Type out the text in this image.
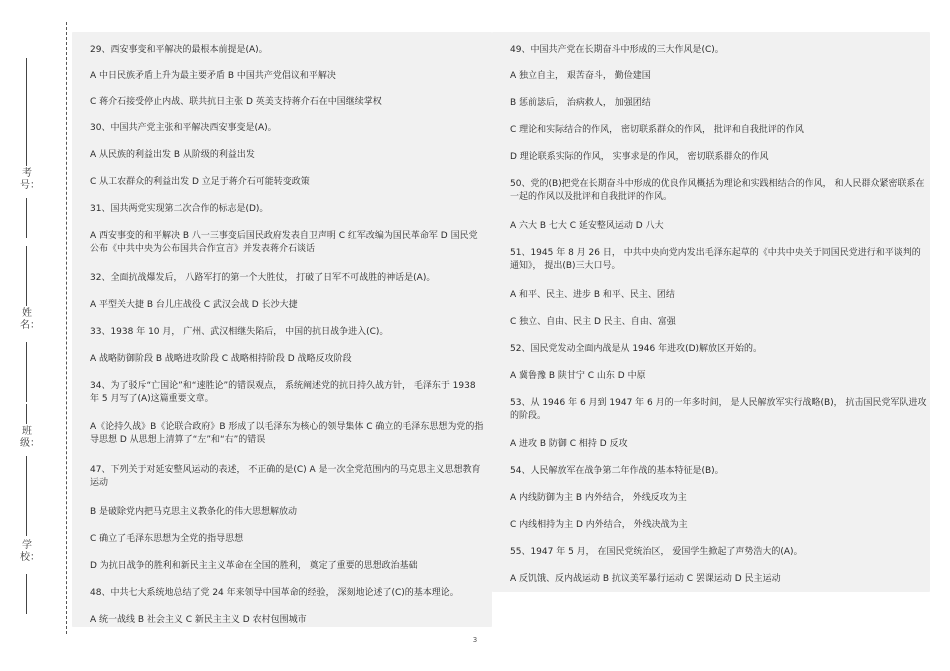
考号：
姓名：
班级：
学校：
29、西安事变和平解决的最根本前提是(A)。
A 中日民族矛盾上升为最主要矛盾 B 中国共产党倡议和平解决
C 蒋介石接受停止内战、联共抗日主张 D 英美支持蒋介石在中国继续掌权
30、中国共产党主张和平解决西安事变是(A)。
A 从民族的利益出发 B 从阶级的利益出发
C 从工农群众的利益出发 D 立足于蒋介石可能转变政策
31、国共两党实现第二次合作的标志是(D)。
A 西安事变的和平解决 B 八一三事变后国民政府发表自卫声明 C 红军改编为国民革命军 D 国民党公布《中共中央为公布国共合作宣言》并发表蒋介石谈话
32、全面抗战爆发后， 八路军打的第一个大胜仗， 打破了日军不可战胜的神话是(A)。
A 平型关大捷 B 台儿庄战役 C 武汉会战 D 长沙大捷
33、1938 年 10 月， 广州、武汉相继失陷后， 中国的抗日战争进入(C)。
A 战略防御阶段 B 战略进攻阶段 C 战略相持阶段 D 战略反攻阶段
34、为了驳斥“亡国论”和“速胜论”的错误观点， 系统阐述党的抗日持久战方针， 毛泽东于 1938 年 5 月写了(A)这篇重要文章。
A《论持久战》B《论联合政府》B 形成了以毛泽东为核心的领导集体 C 确立的毛泽东思想为党的指导思想 D 从思想上清算了“左”和“右”的错误
47、下列关于对延安整风运动的表述， 不正确的是(C) A 是一次全党范围内的马克思主义思想教育运动
B 是破除党内把马克思主义教条化的伟大思想解放动
C 确立了毛泽东思想为全党的指导思想
D 为抗日战争的胜利和新民主主义革命在全国的胜利， 奠定了重要的思想政治基础
48、中共七大系统地总结了党 24 年来领导中国革命的经验， 深刻地论述了(C)的基本理论。
A 统一战线 B 社会主义 C 新民主主义 D 农村包围城市
49、中国共产党在长期奋斗中形成的三大作风是(C)。
A 独立自主， 艰苦奋斗， 勤俭建国
B 惩前毖后， 治病救人， 加强团结
C 理论和实际结合的作风， 密切联系群众的作风， 批评和自我批评的作风
D 理论联系实际的作风， 实事求是的作风， 密切联系群众的作风
50、党的(B)把党在长期奋斗中形成的优良作风概括为理论和实践相结合的作风， 和人民群众紧密联系在一起的作风以及批评和自我批评的作风。
A 六大 B 七大 C 延安整风运动 D 八大
51、1945 年 8 月 26 日， 中共中央向党内发出毛泽东起草的《中共中央关于同国民党进行和平谈判的通知》， 提出(B)三大口号。
A 和平、民主、进步 B 和平、民主、团结
C 独立、自由、民主 D 民主、自由、富强
52、国民党发动全面内战是从 1946 年进攻(D)解放区开始的。
A 冀鲁豫 B 陕甘宁 C 山东 D 中原
53、从 1946 年 6 月到 1947 年 6 月的一年多时间， 是人民解放军实行战略(B)， 抗击国民党军队进攻的阶段。
A 进攻 B 防御 C 相持 D 反攻
54、人民解放军在战争第二年作战的基本特征是(B)。
A 内线防御为主 B 内外结合， 外线反攻为主
C 内线相持为主 D 内外结合， 外线决战为主
55、1947 年 5 月， 在国民党统治区， 爱国学生掀起了声势浩大的(A)。
A 反饥饿、反内战运动 B 抗议美军暴行运动 C 罢课运动 D 民主运动
3
